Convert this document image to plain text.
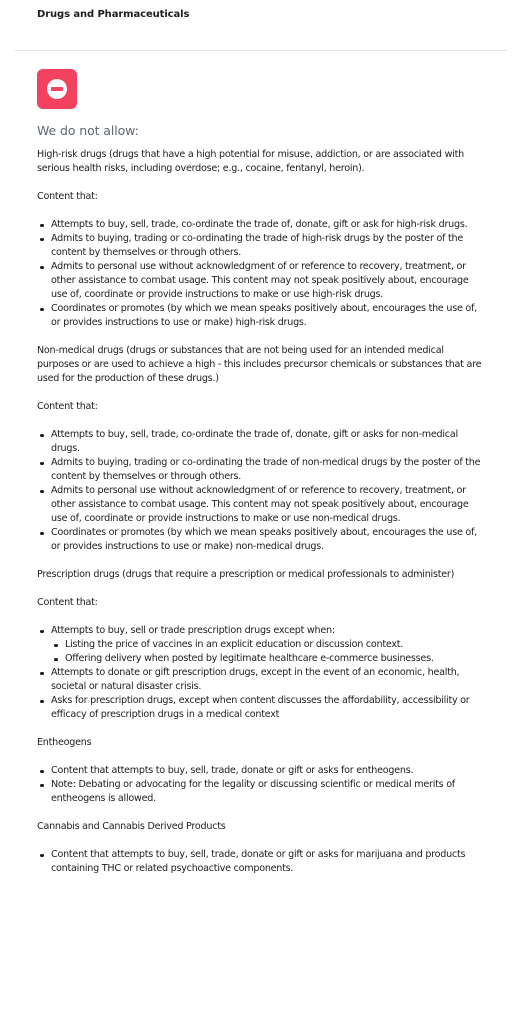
Drugs and Pharmaceuticals
We do not allow:

High-risk drugs (drugs that have a high potential for misuse, addiction, or are associated with serious health risks, including overdose; e.g., cocaine, fentanyl, heroin).

Content that:

Attempts to buy, sell, trade, co-ordinate the trade of, donate, gift or ask for high-risk drugs.
Admits to buying, trading or co-ordinating the trade of high-risk drugs by the poster of the content by themselves or through others.
Admits to personal use without acknowledgment of or reference to recovery, treatment, or other assistance to combat usage. This content may not speak positively about, encourage use of, coordinate or provide instructions to make or use high-risk drugs.
Coordinates or promotes (by which we mean speaks positively about, encourages the use of, or provides instructions to use or make) high-risk drugs.

Non-medical drugs (drugs or substances that are not being used for an intended medical purposes or are used to achieve a high - this includes precursor chemicals or substances that are used for the production of these drugs.)

Content that:

Attempts to buy, sell, trade, co-ordinate the trade of, donate, gift or asks for non-medical drugs.
Admits to buying, trading or co-ordinating the trade of non-medical drugs by the poster of the content by themselves or through others.
Admits to personal use without acknowledgment of or reference to recovery, treatment, or other assistance to combat usage. This content may not speak positively about, encourage use of, coordinate or provide instructions to make or use non-medical drugs.
Coordinates or promotes (by which we mean speaks positively about, encourages the use of, or provides instructions to use or make) non-medical drugs.

Prescription drugs (drugs that require a prescription or medical professionals to administer)

Content that:

Attempts to buy, sell or trade prescription drugs except when:
Listing the price of vaccines in an explicit education or discussion context.
Offering delivery when posted by legitimate healthcare e-commerce businesses.
Attempts to donate or gift prescription drugs, except in the event of an economic, health, societal or natural disaster crisis.
Asks for prescription drugs, except when content discusses the affordability, accessibility or efficacy of prescription drugs in a medical context

Entheogens

Content that attempts to buy, sell, trade, donate or gift or asks for entheogens.
Note: Debating or advocating for the legality or discussing scientific or medical merits of entheogens is allowed.

Cannabis and Cannabis Derived Products

Content that attempts to buy, sell, trade, donate or gift or asks for marijuana and products containing THC or related psychoactive components.
